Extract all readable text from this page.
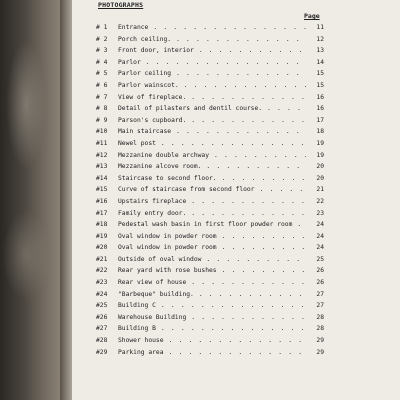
PHOTOGRAPHS
Page
# 1	Entrance . . .	11
# 2	Porch ceiling. . . .	12
# 3	Front door, interior . . .	13
# 4	Parlor . . .	14
# 5	Parlor ceiling . . .	15
# 6	Parlor wainscot. . . .	15
# 7	View of fireplace. . . .	16
# 8	Detail of pilasters and dentil course. . . .	16
# 9	Parson's cupboard. . . .	17
#10	Main staircase . . .	18
#11	Newel post . . .	19
#12	Mezzanine double archway . . .	19
#13	Mezzanine alcove room. . . .	20
#14	Staircase to second floor. . . .	20
#15	Curve of staircase from second floor . . .	21
#16	Upstairs fireplace . . .	22
#17	Family entry door. . . .	23
#18	Pedestal wash basin in first floor powder room . . .	24
#19	Oval window in powder room . . .	24
#20	Oval window in powder room . . .	24
#21	Outside of oval window . . .	25
#22	Rear yard with rose bushes . . .	26
#23	Rear view of house . . .	26
#24	"Barbeque" building. . . .	27
#25	Building C . . .	27
#26	Warehouse Building . . .	28
#27	Building B . . .	28
#28	Shower house . . .	29
#29	Parking area . . .	29
